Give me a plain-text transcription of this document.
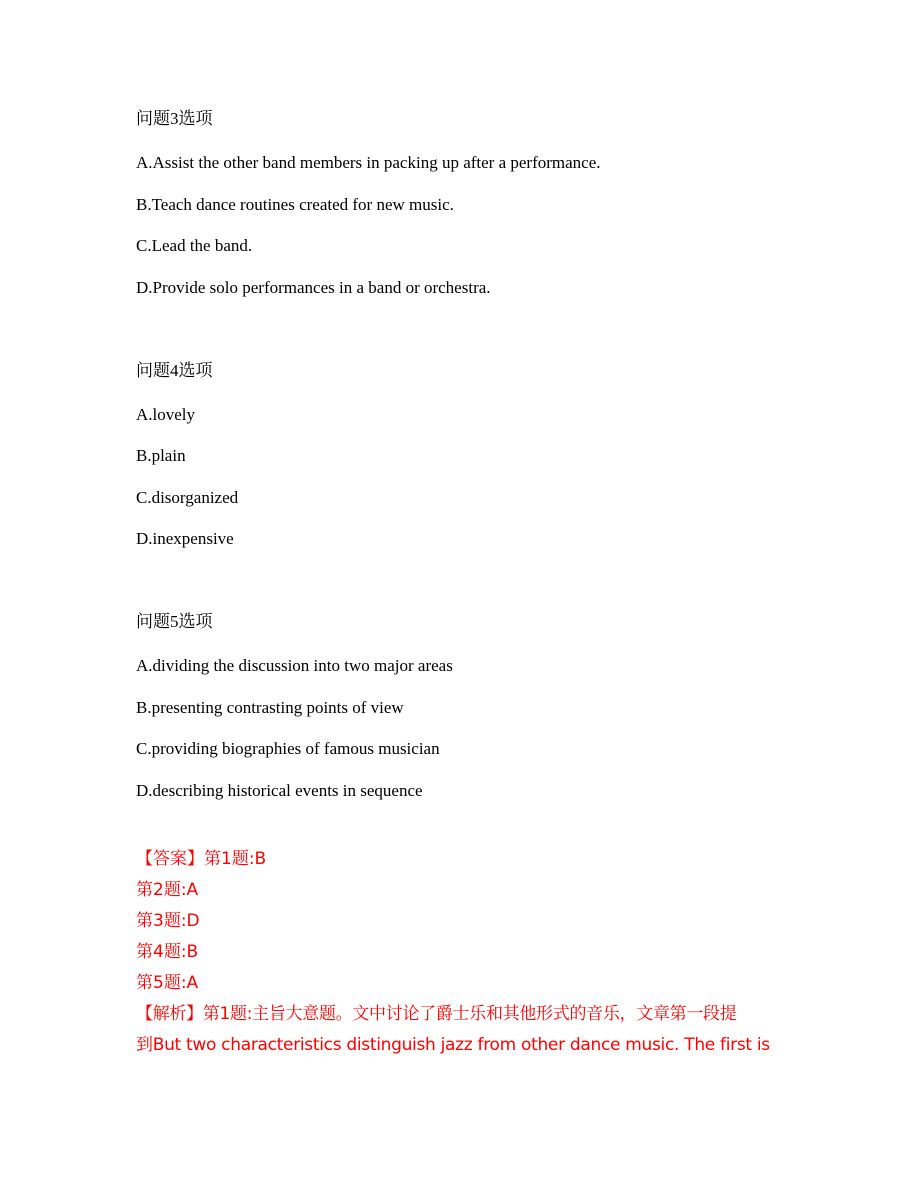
问题3选项
A.Assist the other band members in packing up after a performance.
B.Teach dance routines created for new music.
C.Lead the band.
D.Provide solo performances in a band or orchestra.
问题4选项
A.lovely
B.plain
C.disorganized
D.inexpensive
问题5选项
A.dividing the discussion into two major areas
B.presenting contrasting points of view
C.providing biographies of famous musician
D.describing historical events in sequence
【答案】第1题:B
第2题:A
第3题:D
第4题:B
第5题:A
【解析】第1题:主旨大意题。文中讨论了爵士乐和其他形式的音乐，文章第一段提
到But two characteristics distinguish jazz from other dance music. The first is
